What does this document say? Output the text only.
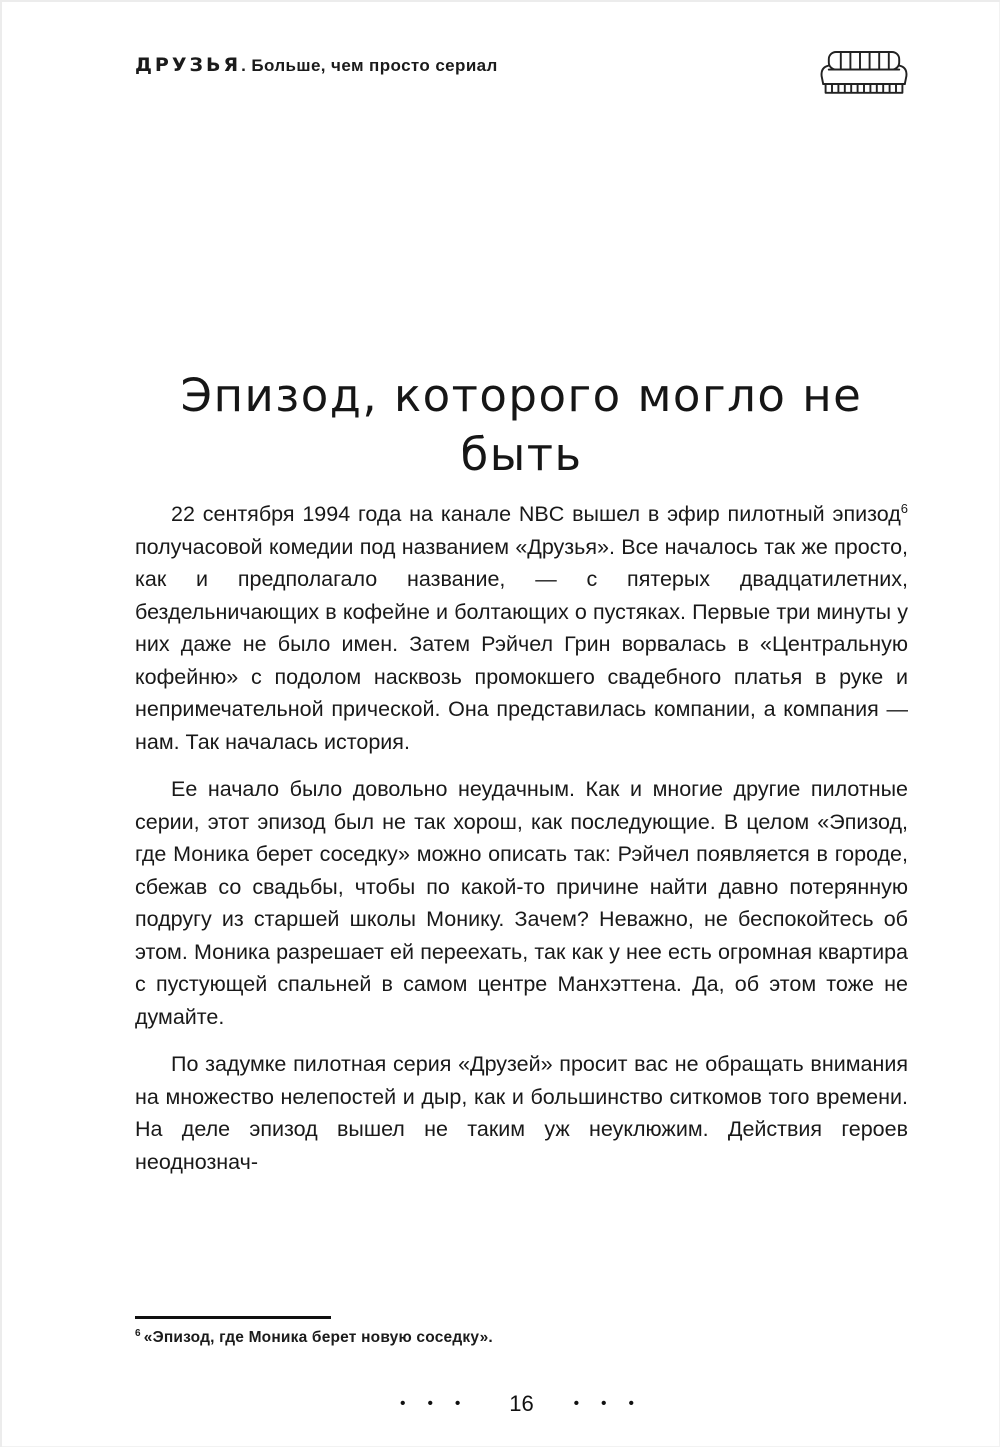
ДРУЗЬЯ. Больше, чем просто сериал
Эпизод, которого могло не
быть

22 сентября 1994 года на канале NBC вышел в эфир пилотный эпизод$^6$ получасовой комедии под названием «Друзья». Все началось так же просто, как и предполагало название, — с пятерых двадцатилетних, бездельничающих в кофейне и болтающих о пустяках. Первые три минуты у них даже не было имен. Затем Рэйчел Грин ворвалась в «Центральную кофейню» с подолом насквозь промокшего свадебного платья в руке и непримечательной прической. Она представилась компании, а компания — нам. Так началась история.

Ее начало было довольно неудачным. Как и многие другие пилотные серии, этот эпизод был не так хорош, как последующие. В целом «Эпизод, где Моника берет соседку» можно описать так: Рэйчел появляется в городе, сбежав со свадьбы, чтобы по какой-то причине найти давно потерянную подругу из старшей школы Монику. Зачем? Неважно, не беспокойтесь об этом. Моника разрешает ей переехать, так как у нее есть огромная квартира с пустующей спальней в самом центре Манхэттена. Да, об этом тоже не думайте.

По задумке пилотная серия «Друзей» просит вас не обращать внимания на множество нелепостей и дыр, как и большинство ситкомов того времени. На деле эпизод вышел не таким уж неуклюжим. Действия героев неоднознач-

$^6$ «Эпизод, где Моника берет новую соседку».

• • • 16	• • •
